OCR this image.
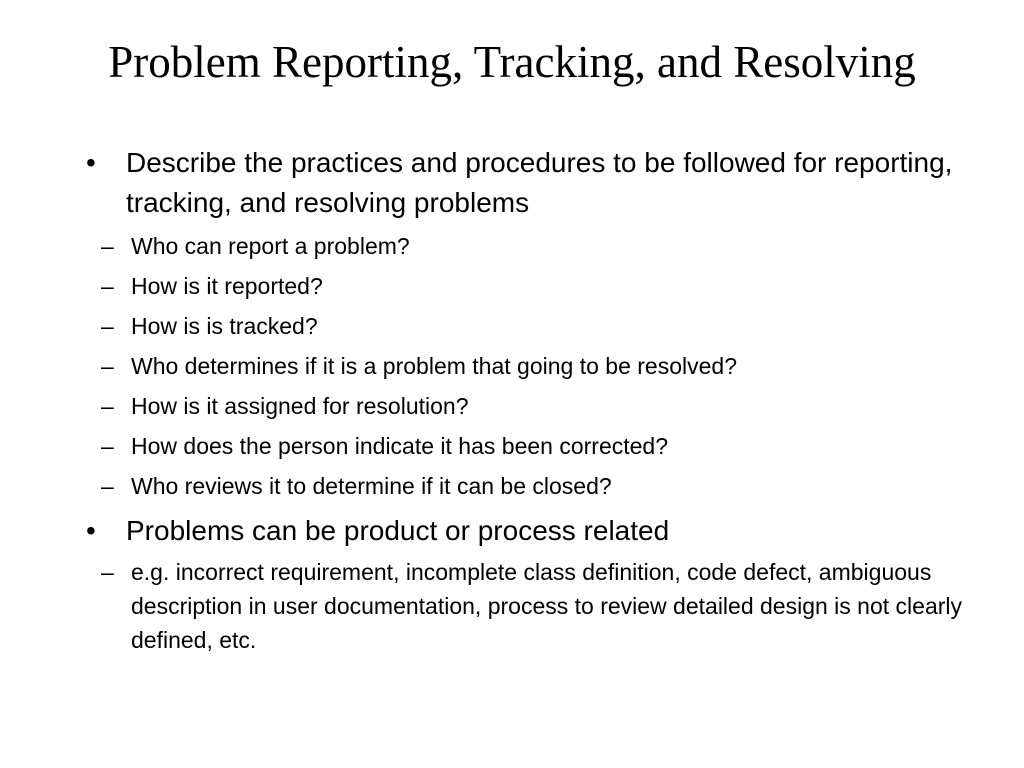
Problem Reporting, Tracking, and Resolving
•	Describe the practices and procedures to be followed for reporting, tracking, and resolving problems
– Who can report a problem?
– How is it reported?
– How is is tracked?
– Who determines if it is a problem that going to be resolved?
– How is it assigned for resolution?
– How does the person indicate it has been corrected?
– Who reviews it to determine if it can be closed?
•	Problems can be product or process related
– e.g. incorrect requirement, incomplete class definition, code defect, ambiguous description in user documentation, process to review detailed design is not clearly defined, etc.
